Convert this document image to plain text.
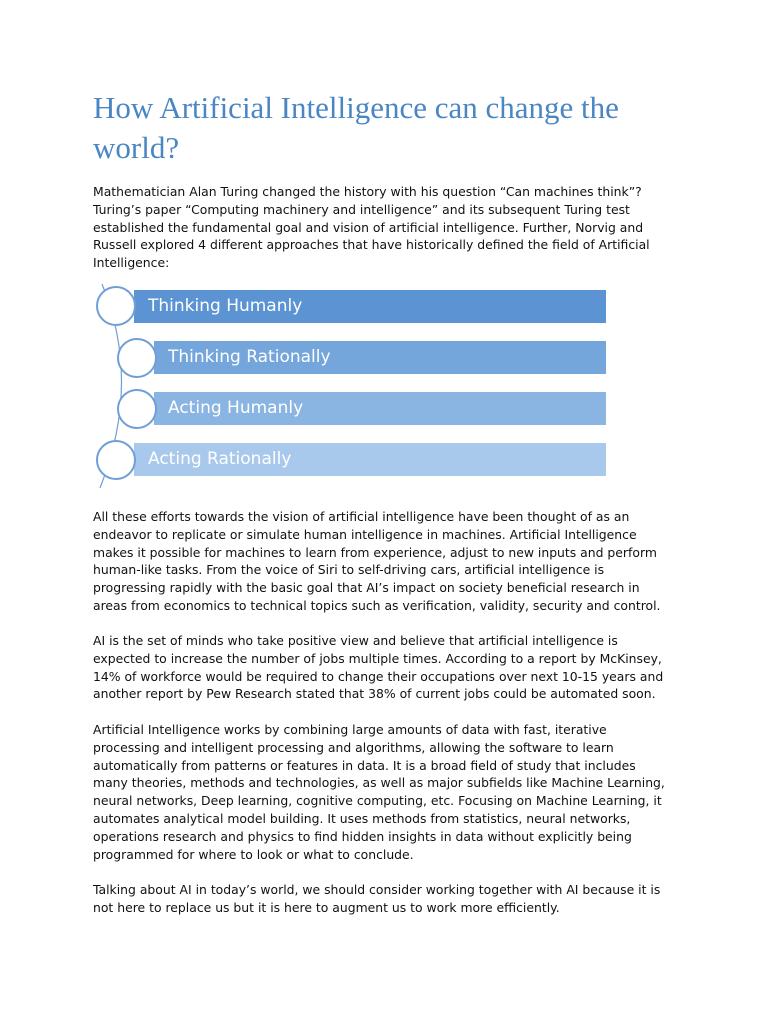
How Artificial Intelligence can change the world?

Mathematician Alan Turing changed the history with his question “Can machines think”? Turing’s paper “Computing machinery and intelligence” and its subsequent Turing test established the fundamental goal and vision of artificial intelligence. Further, Norvig and Russell explored 4 different approaches that have historically defined the field of Artificial Intelligence:

Thinking Humanly
Thinking Rationally
Acting Humanly
Acting Rationally

All these efforts towards the vision of artificial intelligence have been thought of as an endeavor to replicate or simulate human intelligence in machines. Artificial Intelligence makes it possible for machines to learn from experience, adjust to new inputs and perform human-like tasks. From the voice of Siri to self-driving cars, artificial intelligence is progressing rapidly with the basic goal that AI’s impact on society beneficial research in areas from economics to technical topics such as verification, validity, security and control.

AI is the set of minds who take positive view and believe that artificial intelligence is expected to increase the number of jobs multiple times. According to a report by McKinsey, 14% of workforce would be required to change their occupations over next 10-15 years and another report by Pew Research stated that 38% of current jobs could be automated soon.

Artificial Intelligence works by combining large amounts of data with fast, iterative processing and intelligent processing and algorithms, allowing the software to learn automatically from patterns or features in data. It is a broad field of study that includes many theories, methods and technologies, as well as major subfields like Machine Learning, neural networks, Deep learning, cognitive computing, etc. Focusing on Machine Learning, it automates analytical model building. It uses methods from statistics, neural networks, operations research and physics to find hidden insights in data without explicitly being programmed for where to look or what to conclude.

Talking about AI in today’s world, we should consider working together with AI because it is not here to replace us but it is here to augment us to work more efficiently.
